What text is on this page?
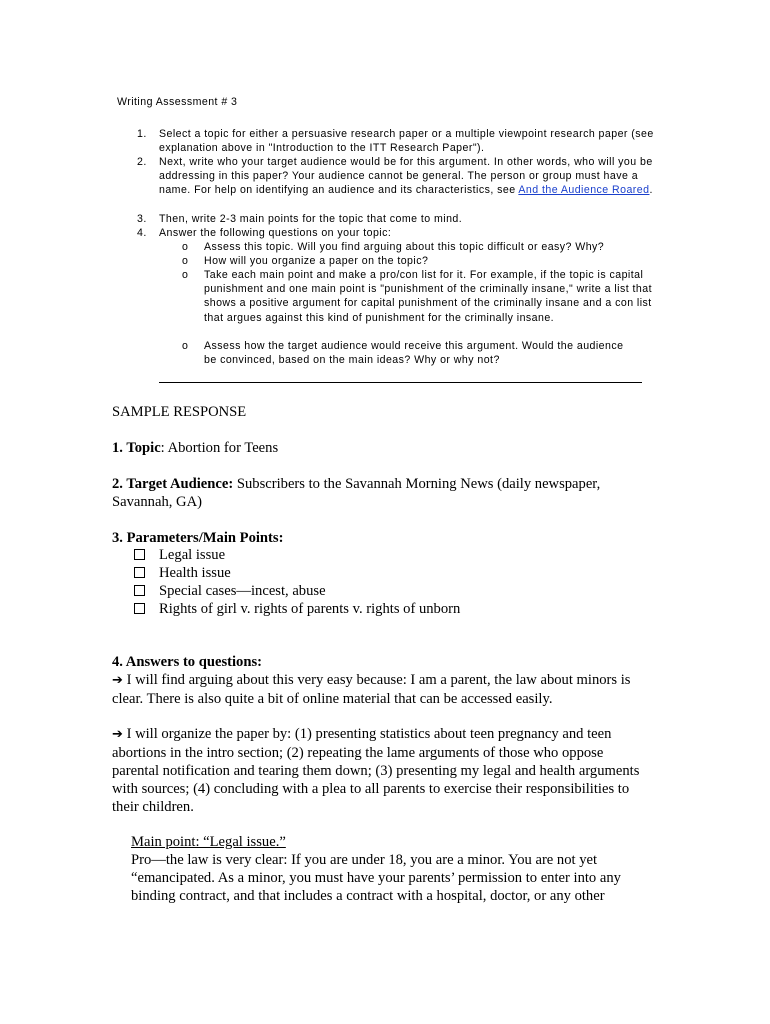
Writing Assessment # 3
1. Select a topic for either a persuasive research paper or a multiple viewpoint research paper (see explanation above in "Introduction to the ITT Research Paper").
2. Next, write who your target audience would be for this argument. In other words, who will you be addressing in this paper? Your audience cannot be general. The person or group must have a name. For help on identifying an audience and its characteristics, see And the Audience Roared.
3. Then, write 2-3 main points for the topic that come to mind.
4. Answer the following questions on your topic:
o Assess this topic. Will you find arguing about this topic difficult or easy? Why?
o How will you organize a paper on the topic?
o Take each main point and make a pro/con list for it. For example, if the topic is capital punishment and one main point is "punishment of the criminally insane," write a list that shows a positive argument for capital punishment of the criminally insane and a con list that argues against this kind of punishment for the criminally insane.
o Assess how the target audience would receive this argument. Would the audience be convinced, based on the main ideas? Why or why not?
SAMPLE RESPONSE
1. Topic: Abortion for Teens
2. Target Audience: Subscribers to the Savannah Morning News (daily newspaper, Savannah, GA)
3. Parameters/Main Points:
Legal issue
Health issue
Special cases—incest, abuse
Rights of girl v. rights of parents v. rights of unborn
4. Answers to questions:
➔ I will find arguing about this very easy because: I am a parent, the law about minors is clear. There is also quite a bit of online material that can be accessed easily.
➔ I will organize the paper by: (1) presenting statistics about teen pregnancy and teen abortions in the intro section; (2) repeating the lame arguments of those who oppose parental notification and tearing them down; (3) presenting my legal and health arguments with sources; (4) concluding with a plea to all parents to exercise their responsibilities to their children.
Main point: “Legal issue.”
Pro—the law is very clear: If you are under 18, you are a minor. You are not yet “emancipated. As a minor, you must have your parents’ permission to enter into any binding contract, and that includes a contract with a hospital, doctor, or any other
